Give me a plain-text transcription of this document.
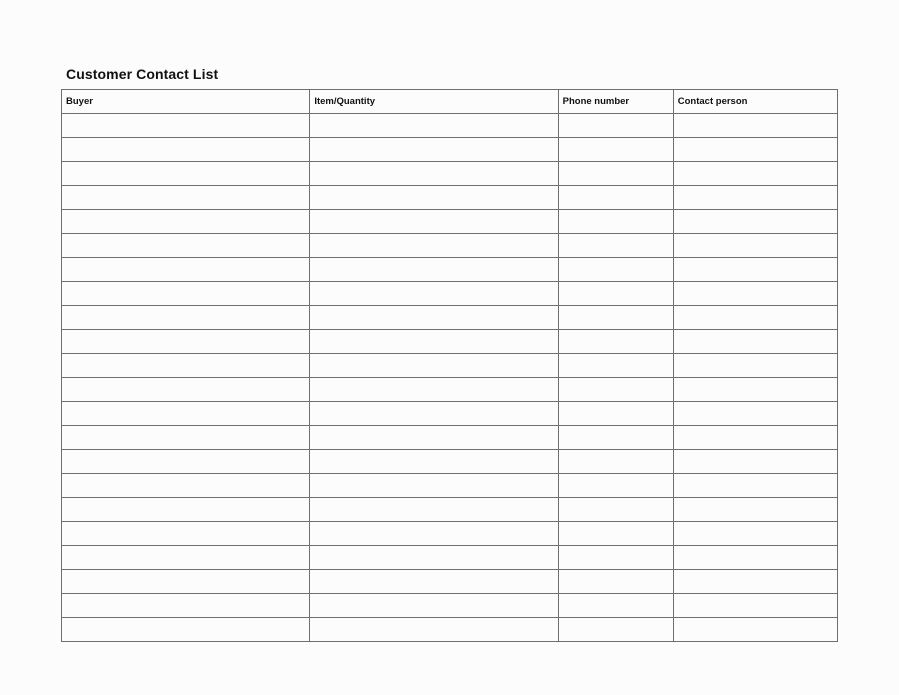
Customer Contact List
Buyer	Item/Quantity	Phone number	Contact person
